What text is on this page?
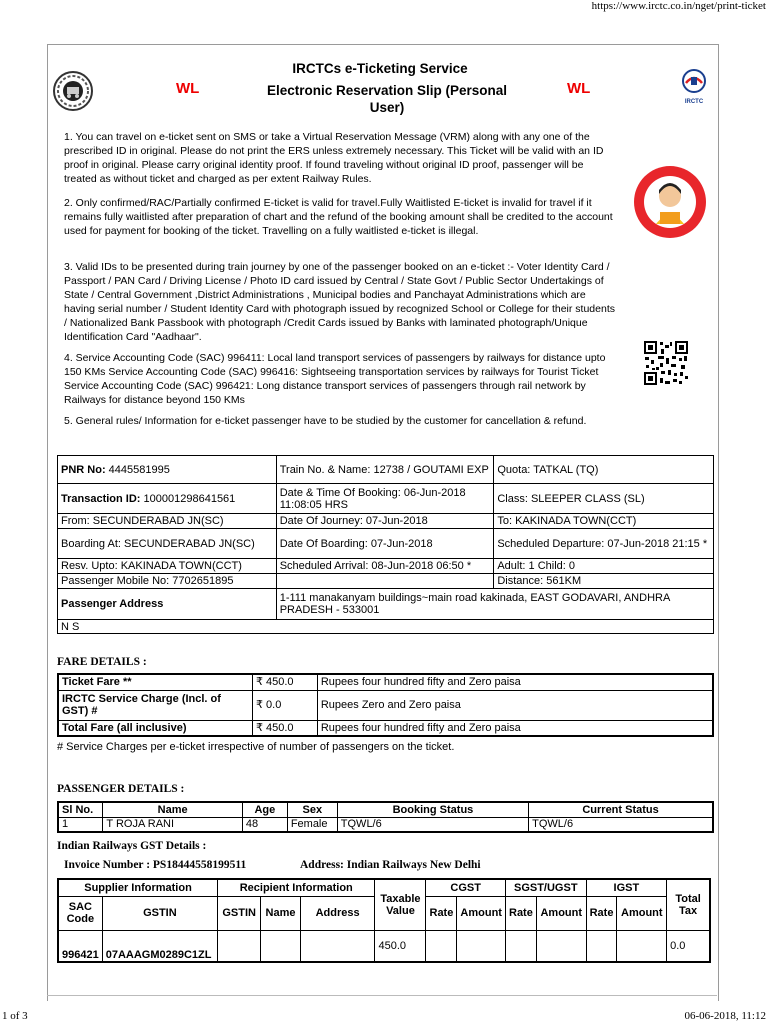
https://www.irctc.co.in/nget/print-ticket
WL	WL
IRCTCs e-Ticketing Service
Electronic Reservation Slip (Personal User)	IRCTC
1. You can travel on e-ticket sent on SMS or take a Virtual Reservation Message (VRM) along with any one of the prescribed ID in original. Please do not print the ERS unless extremely necessary. This Ticket will be valid with an ID proof in original. Please carry original identity proof. If found traveling without original ID proof, passenger will be treated as without ticket and charged as per extent Railway Rules.
2. Only confirmed/RAC/Partially confirmed E-ticket is valid for travel.Fully Waitlisted E-ticket is invalid for travel if it remains fully waitlisted after preparation of chart and the refund of the booking amount shall be credited to the account used for payment for booking of the ticket. Travelling on a fully waitlisted e-ticket is illegal.
3. Valid IDs to be presented during train journey by one of the passenger booked on an e-ticket :- Voter Identity Card / Passport / PAN Card / Driving License / Photo ID card issued by Central / State Govt / Public Sector Undertakings of State / Central Government ,District Administrations , Municipal bodies and Panchayat Administrations which are having serial number / Student Identity Card with photograph issued by recognized School or College for their students / Nationalized Bank Passbook with photograph /Credit Cards issued by Banks with laminated photograph/Unique Identification Card "Aadhaar".
4. Service Accounting Code (SAC) 996411: Local land transport services of passengers by railways for distance upto 150 KMs Service Accounting Code (SAC) 996416: Sightseeing transportation services by railways for Tourist Ticket Service Accounting Code (SAC) 996421: Long distance transport services of passengers through rail network by Railways for distance beyond 150 KMs
5. General rules/ Information for e-ticket passenger have to be studied by the customer for cancellation & refund.
PNR No: 4445581995	Train No. & Name: 12738 / GOUTAMI EXP	Quota: TATKAL (TQ)
Transaction ID: 100001298641561	Date & Time Of Booking: 06-Jun-2018 11:08:05 HRS	Class: SLEEPER CLASS (SL)
From: SECUNDERABAD JN(SC)	Date Of Journey: 07-Jun-2018	To: KAKINADA TOWN(CCT)
Boarding At: SECUNDERABAD JN(SC)	Date Of Boarding: 07-Jun-2018	Scheduled Departure: 07-Jun-2018 21:15 *
Resv. Upto: KAKINADA TOWN(CCT)	Scheduled Arrival: 08-Jun-2018 06:50 *	Adult: 1 Child: 0
Passenger Mobile No: 7702651895		Distance: 561KM
Passenger Address	1-111 manakanyam buildings~main road kakinada, EAST GODAVARI, ANDHRA PRADESH - 533001	
N S		
FARE DETAILS :
Ticket Fare **	₹ 450.0	Rupees four hundred fifty and Zero paisa
IRCTC Service Charge (Incl. of GST) #	₹ 0.0	Rupees Zero and Zero paisa
Total Fare (all inclusive)	₹ 450.0	Rupees four hundred fifty and Zero paisa
# Service Charges per e-ticket irrespective of number of passengers on the ticket.
PASSENGER DETAILS :
Sl No.	Name	Age	Sex	Booking Status	Current Status
1	T ROJA RANI	48	Female	TQWL/6	TQWL/6
Indian Railways GST Details :
Invoice Number : PS18444558199511	Address: Indian Railways New Delhi
Supplier Information		Recipient Information			Taxable Value	CGST		SGST/UGST		IGST		Total Tax
SAC Code	GSTIN	GSTIN	Name	Address		Rate	Amount	Rate	Amount	Rate	Amount	
996421	07AAAGM0289C1ZL				450.0							0.0
1 of 3	06-06-2018, 11:12
